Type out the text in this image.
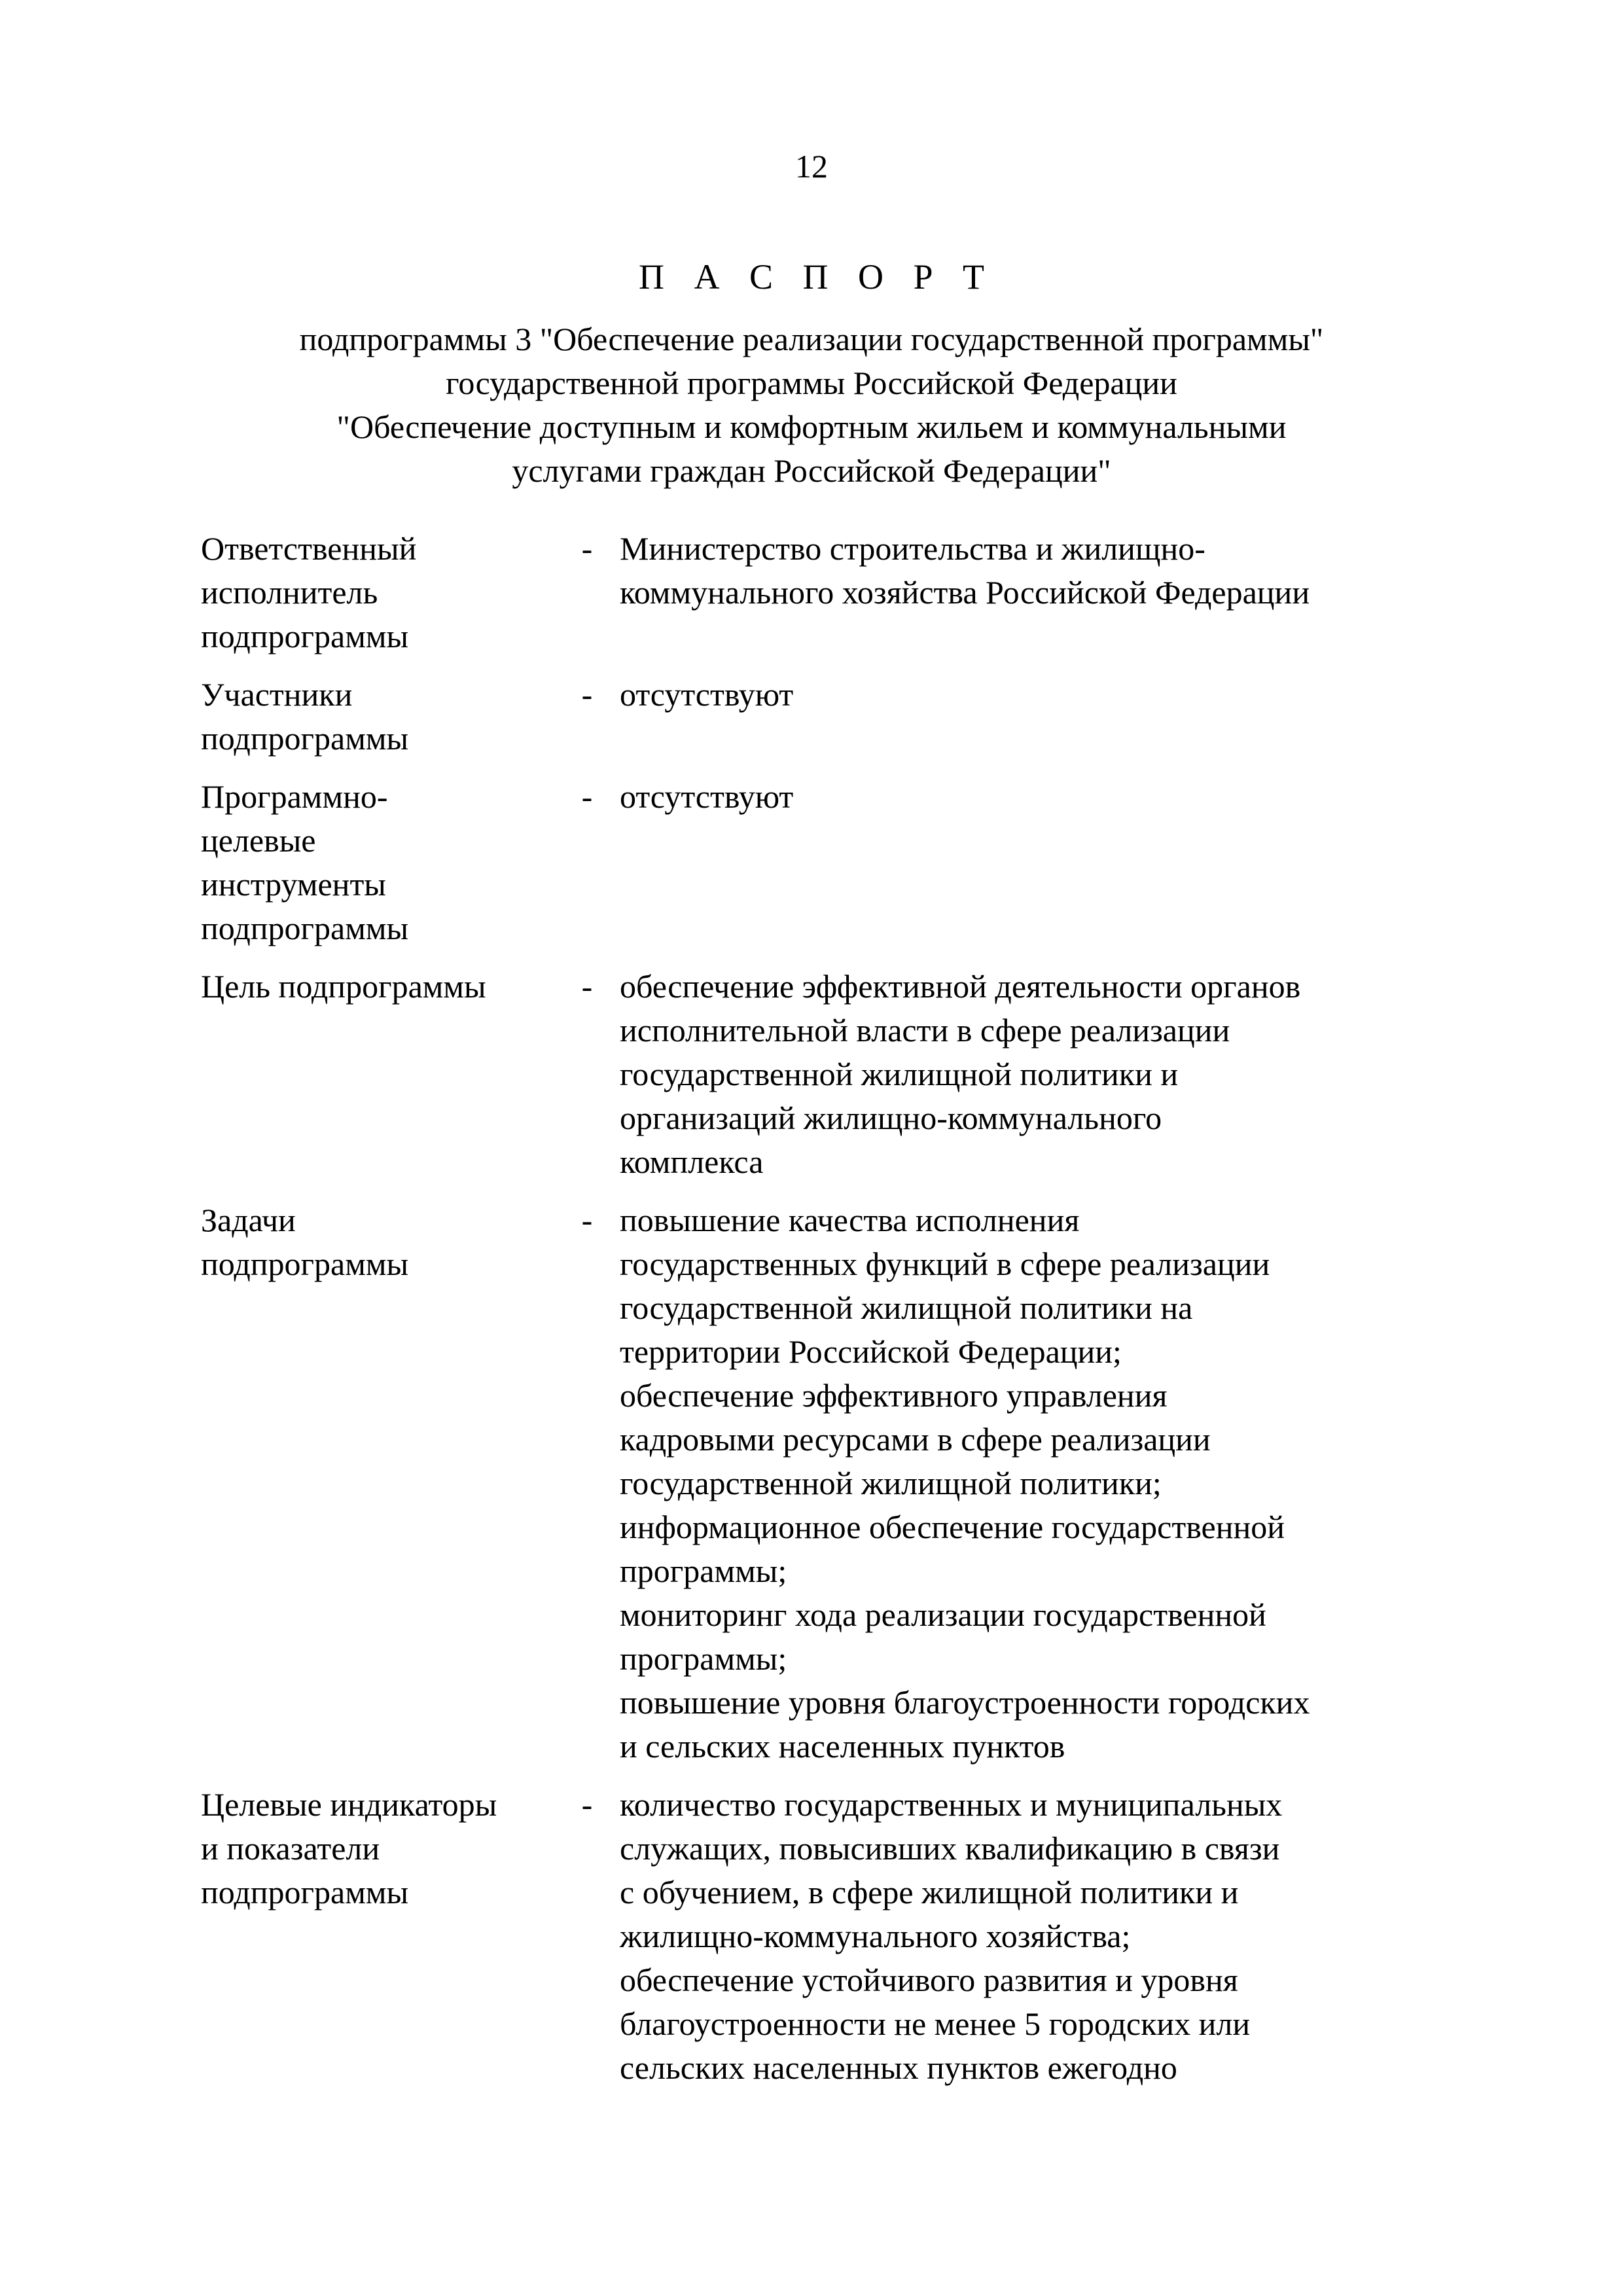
12
П А С П О Р Т
подпрограммы 3 "Обеспечение реализации государственной программы"
государственной программы Российской Федерации
"Обеспечение доступным и комфортным жильем и коммунальными
услугами граждан Российской Федерации"
Ответственный
исполнитель
подпрограммы
- Министерство строительства и жилищно-
коммунального хозяйства Российской Федерации
Участники
подпрограммы
- отсутствуют
Программно-
целевые
инструменты
подпрограммы
- отсутствуют
Цель подпрограммы	- обеспечение эффективной деятельности органов
исполнительной власти в сфере реализации
государственной жилищной политики и
организаций жилищно-коммунального
комплекса
Задачи
подпрограммы
- повышение качества исполнения
государственных функций в сфере реализации
государственной жилищной политики на
территории Российской Федерации;
обеспечение эффективного управления
кадровыми ресурсами в сфере реализации
государственной жилищной политики;
информационное обеспечение государственной
программы;
мониторинг хода реализации государственной
программы;
повышение уровня благоустроенности городских
и сельских населенных пунктов
Целевые индикаторы
и показатели
подпрограммы
- количество государственных и муниципальных
служащих, повысивших квалификацию в связи
с обучением, в сфере жилищной политики и
жилищно-коммунального хозяйства;
обеспечение устойчивого развития и уровня
благоустроенности не менее 5 городских или
сельских населенных пунктов ежегодно
